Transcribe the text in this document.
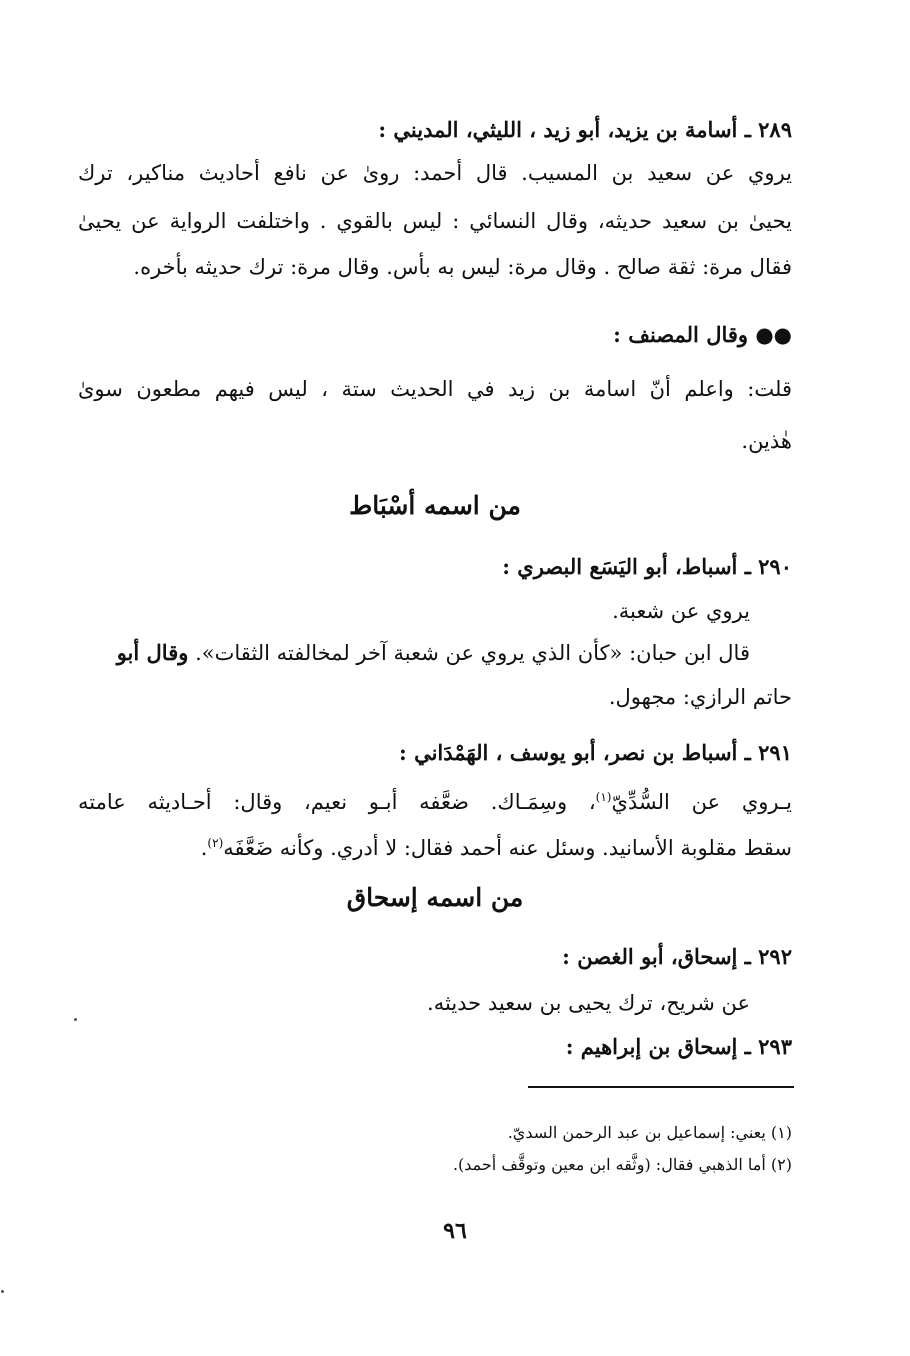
٢٨٩ ـ أسامة بن يزيد، أبو زيد ، الليثي، المديني :

يروي عن سعيد بن المسيب. قال أحمد: روىٰ عن نافع أحاديث مناكير، ترك

يحيىٰ بن سعيد حديثه، وقال النسائي : ليس بالقوي . واختلفت الرواية عن يحيىٰ

فقال مرة: ثقة صالح . وقال مرة: ليس به بأس. وقال مرة: ترك حديثه بأخره.

●● وقال المصنف :

قلت: واعلم أنّ اسامة بن زيد في الحديث ستة ، ليس فيهم مطعون سوىٰ

هٰذين.

من اسمه أسْبَاط

٢٩٠ ـ أسباط، أبو اليَسَع البصري :

يروي عن شعبة.

قال ابن حبان: «كأن الذي يروي عن شعبة آخر لمخالفته الثقات». وقال أبو

حاتم الرازي: مجهول.

٢٩١ ـ أسباط بن نصر، أبو يوسف ، الهَمْدَاني :

يـروي عن السُّدِّيّ$^{(١)}$، وسِمَـاك. ضعَّفه أبـو نعيم، وقال: أحـاديثه عامته

سقط مقلوبة الأسانيد. وسئل عنه أحمد فقال: لا أدري. وكأنه ضَعَّفَه$^{(٢)}$.

من اسمه إسحاق

٢٩٢ ـ إسحاق، أبو الغصن :

عن شريح، ترك يحيى بن سعيد حديثه.

٢٩٣ ـ إسحاق بن إبراهيم :

(١) يعني: إسماعيل بن عبد الرحمن السديّ.
(٢) أما الذهبي فقال: (وثَّقه ابن معين وتوقَّف أحمد).
٩٦
